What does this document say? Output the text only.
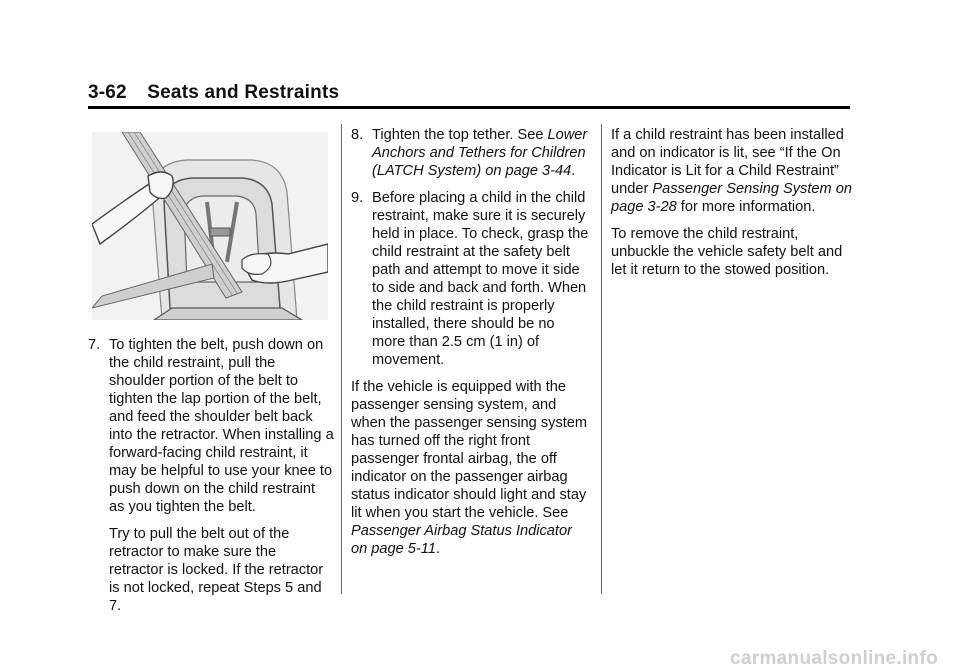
3-62 Seats and Restraints
7. To tighten the belt, push down on the child restraint, pull the shoulder portion of the belt to tighten the lap portion of the belt, and feed the shoulder belt back into the retractor. When installing a forward-facing child restraint, it may be helpful to use your knee to push down on the child restraint as you tighten the belt.

Try to pull the belt out of the retractor to make sure the retractor is locked. If the retractor is not locked, repeat Steps 5 and 7.

8. Tighten the top tether. See Lower Anchors and Tethers for Children (LATCH System) on page 3-44.
9. Before placing a child in the child restraint, make sure it is securely held in place. To check, grasp the child restraint at the safety belt path and attempt to move it side to side and back and forth. When the child restraint is properly installed, there should be no more than 2.5 cm (1 in) of movement.

If the vehicle is equipped with the passenger sensing system, and when the passenger sensing system has turned off the right front passenger frontal airbag, the off indicator on the passenger airbag status indicator should light and stay lit when you start the vehicle. See Passenger Airbag Status Indicator on page 5-11.

If a child restraint has been installed and on indicator is lit, see “If the On Indicator is Lit for a Child Restraint” under Passenger Sensing System on page 3-28 for more information.

To remove the child restraint, unbuckle the vehicle safety belt and let it return to the stowed position.

carmanualsonline.info
